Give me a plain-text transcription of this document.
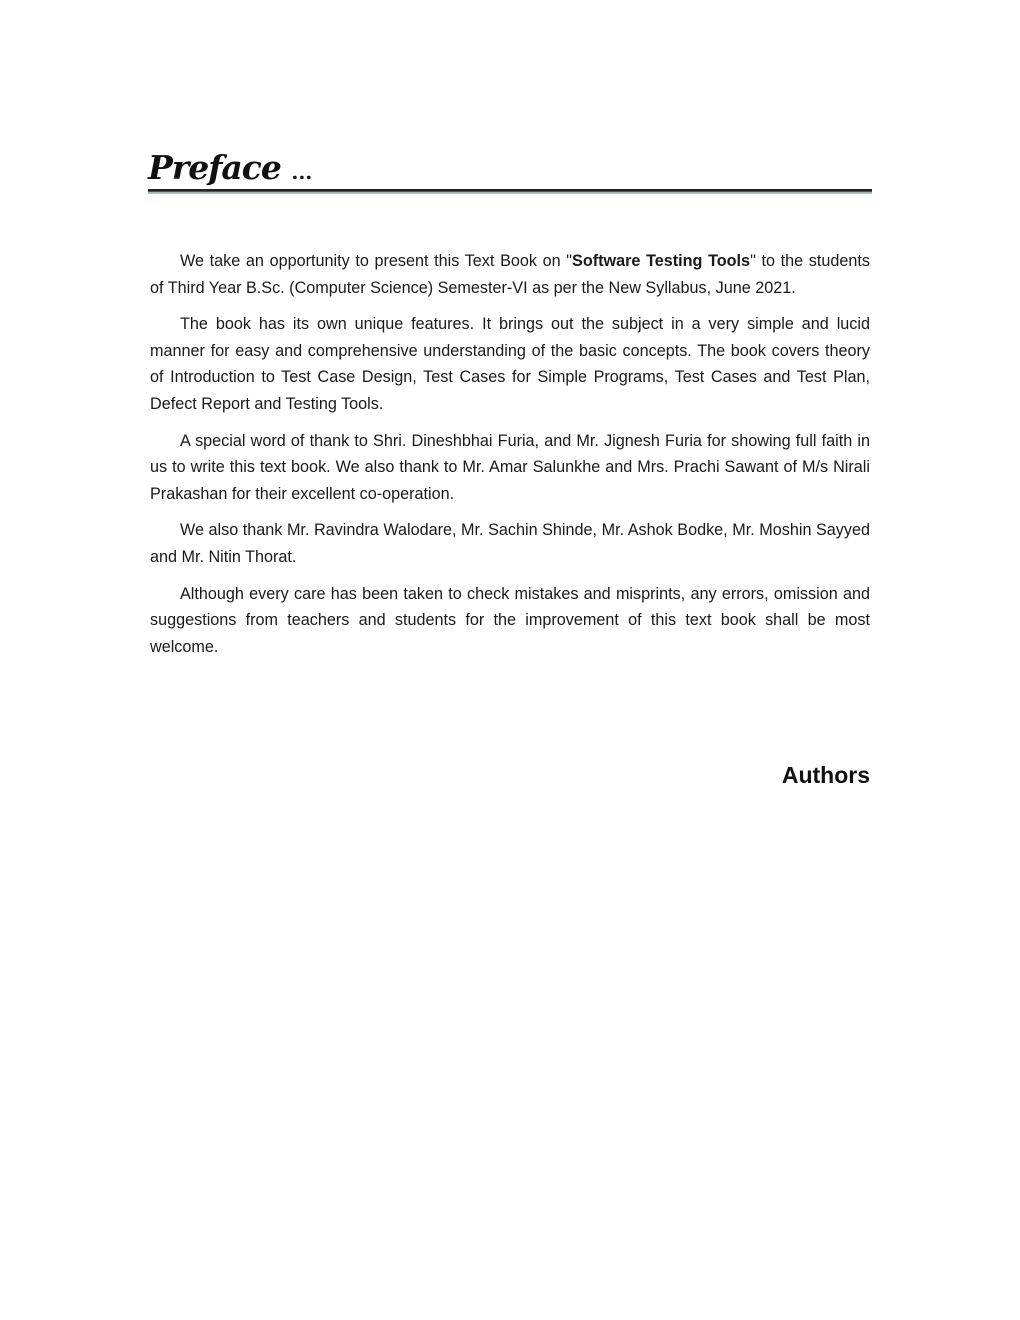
Preface ...

We take an opportunity to present this Text Book on "Software Testing Tools" to the students of Third Year B.Sc. (Computer Science) Semester-VI as per the New Syllabus, June 2021.

The book has its own unique features. It brings out the subject in a very simple and lucid manner for easy and comprehensive understanding of the basic concepts. The book covers theory of Introduction to Test Case Design, Test Cases for Simple Programs, Test Cases and Test Plan, Defect Report and Testing Tools.

A special word of thank to Shri. Dineshbhai Furia, and Mr. Jignesh Furia for showing full faith in us to write this text book. We also thank to Mr. Amar Salunkhe and Mrs. Prachi Sawant of M/s Nirali Prakashan for their excellent co-operation.

We also thank Mr. Ravindra Walodare, Mr. Sachin Shinde, Mr. Ashok Bodke, Mr. Moshin Sayyed and Mr. Nitin Thorat.

Although every care has been taken to check mistakes and misprints, any errors, omission and suggestions from teachers and students for the improvement of this text book shall be most welcome.

Authors
